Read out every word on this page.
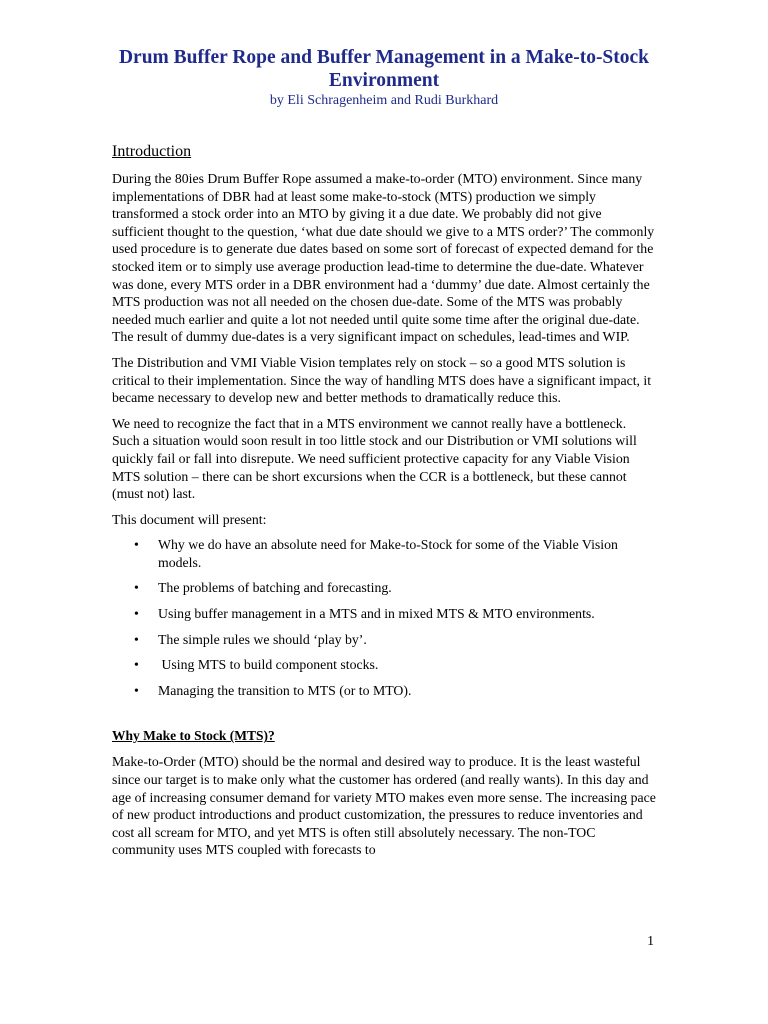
Drum Buffer Rope and Buffer Management in a Make-to-Stock
Environment
by Eli Schragenheim and Rudi Burkhard
Introduction

During the 80ies Drum Buffer Rope assumed a make-to-order (MTO) environment. Since many implementations of DBR had at least some make-to-stock (MTS) production we simply transformed a stock order into an MTO by giving it a due date. We probably did not give sufficient thought to the question, ‘what due date should we give to a MTS order?’ The commonly used procedure is to generate due dates based on some sort of forecast of expected demand for the stocked item or to simply use average production lead-time to determine the due-date. Whatever was done, every MTS order in a DBR environment had a ‘dummy’ due date. Almost certainly the MTS production was not all needed on the chosen due-date. Some of the MTS was probably needed much earlier and quite a lot not needed until quite some time after the original due-date. The result of dummy due-dates is a very significant impact on schedules, lead-times and WIP.

The Distribution and VMI Viable Vision templates rely on stock – so a good MTS solution is critical to their implementation. Since the way of handling MTS does have a significant impact, it became necessary to develop new and better methods to dramatically reduce this.

We need to recognize the fact that in a MTS environment we cannot really have a bottleneck. Such a situation would soon result in too little stock and our Distribution or VMI solutions will quickly fail or fall into disrepute. We need sufficient protective capacity for any Viable Vision MTS solution – there can be short excursions when the CCR is a bottleneck, but these cannot (must not) last.

This document will present:

• Why we do have an absolute need for Make-to-Stock for some of the Viable Vision models.
• The problems of batching and forecasting.
• Using buffer management in a MTS and in mixed MTS & MTO environments.
• The simple rules we should ‘play by’.
• Using MTS to build component stocks.
• Managing the transition to MTS (or to MTO).
Why Make to Stock (MTS)?

Make-to-Order (MTO) should be the normal and desired way to produce. It is the least wasteful since our target is to make only what the customer has ordered (and really wants). In this day and age of increasing consumer demand for variety MTO makes even more sense. The increasing pace of new product introductions and product customization, the pressures to reduce inventories and cost all scream for MTO, and yet MTS is often still absolutely necessary. The non-TOC community uses MTS coupled with forecasts to

1
